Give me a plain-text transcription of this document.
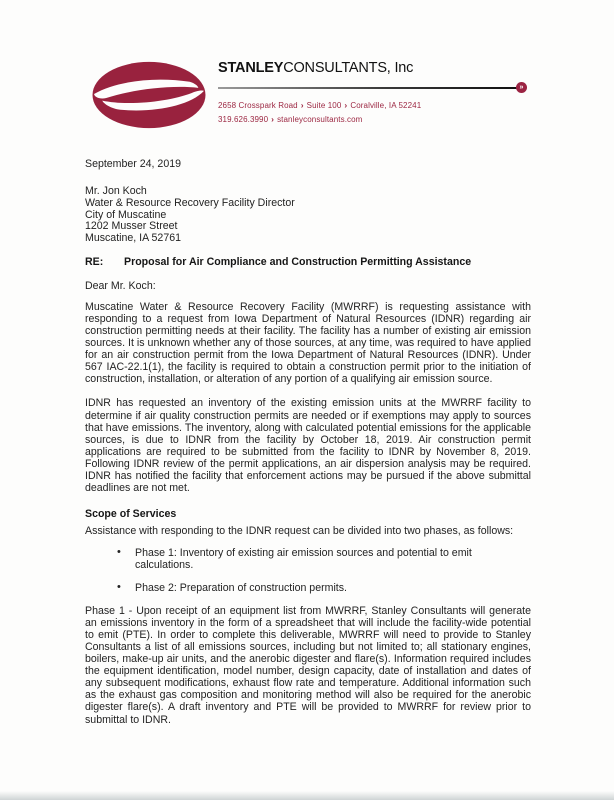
STANLEYCONSULTANTS, Inc
»
2658 Crosspark Road › Suite 100 › Coralville, IA 52241
319.626.3990 › stanleyconsultants.com
September 24, 2019
Mr. Jon Koch
Water & Resource Recovery Facility Director
City of Muscatine
1202 Musser Street
Muscatine, IA 52761
RE:	Proposal for Air Compliance and Construction Permitting Assistance
Dear Mr. Koch:

Muscatine Water & Resource Recovery Facility (MWRRF) is requesting assistance with responding to a request from Iowa Department of Natural Resources (IDNR) regarding air construction permitting needs at their facility. The facility has a number of existing air emission sources. It is unknown whether any of those sources, at any time, was required to have applied for an air construction permit from the Iowa Department of Natural Resources (IDNR). Under 567 IAC-22.1(1), the facility is required to obtain a construction permit prior to the initiation of construction, installation, or alteration of any portion of a qualifying air emission source.

IDNR has requested an inventory of the existing emission units at the MWRRF facility to determine if air quality construction permits are needed or if exemptions may apply to sources that have emissions. The inventory, along with calculated potential emissions for the applicable sources, is due to IDNR from the facility by October 18, 2019. Air construction permit applications are required to be submitted from the facility to IDNR by November 8, 2019. Following IDNR review of the permit applications, an air dispersion analysis may be required. IDNR has notified the facility that enforcement actions may be pursued if the above submittal deadlines are not met.

Scope of Services
Assistance with responding to the IDNR request can be divided into two phases, as follows:
• Phase 1: Inventory of existing air emission sources and potential to emit calculations.
• Phase 2: Preparation of construction permits.

Phase 1 - Upon receipt of an equipment list from MWRRF, Stanley Consultants will generate an emissions inventory in the form of a spreadsheet that will include the facility-wide potential to emit (PTE). In order to complete this deliverable, MWRRF will need to provide to Stanley Consultants a list of all emissions sources, including but not limited to; all stationary engines, boilers, make-up air units, and the anerobic digester and flare(s). Information required includes the equipment identification, model number, design capacity, date of installation and dates of any subsequent modifications, exhaust flow rate and temperature. Additional information such as the exhaust gas composition and monitoring method will also be required for the anerobic digester flare(s). A draft inventory and PTE will be provided to MWRRF for review prior to submittal to IDNR.
